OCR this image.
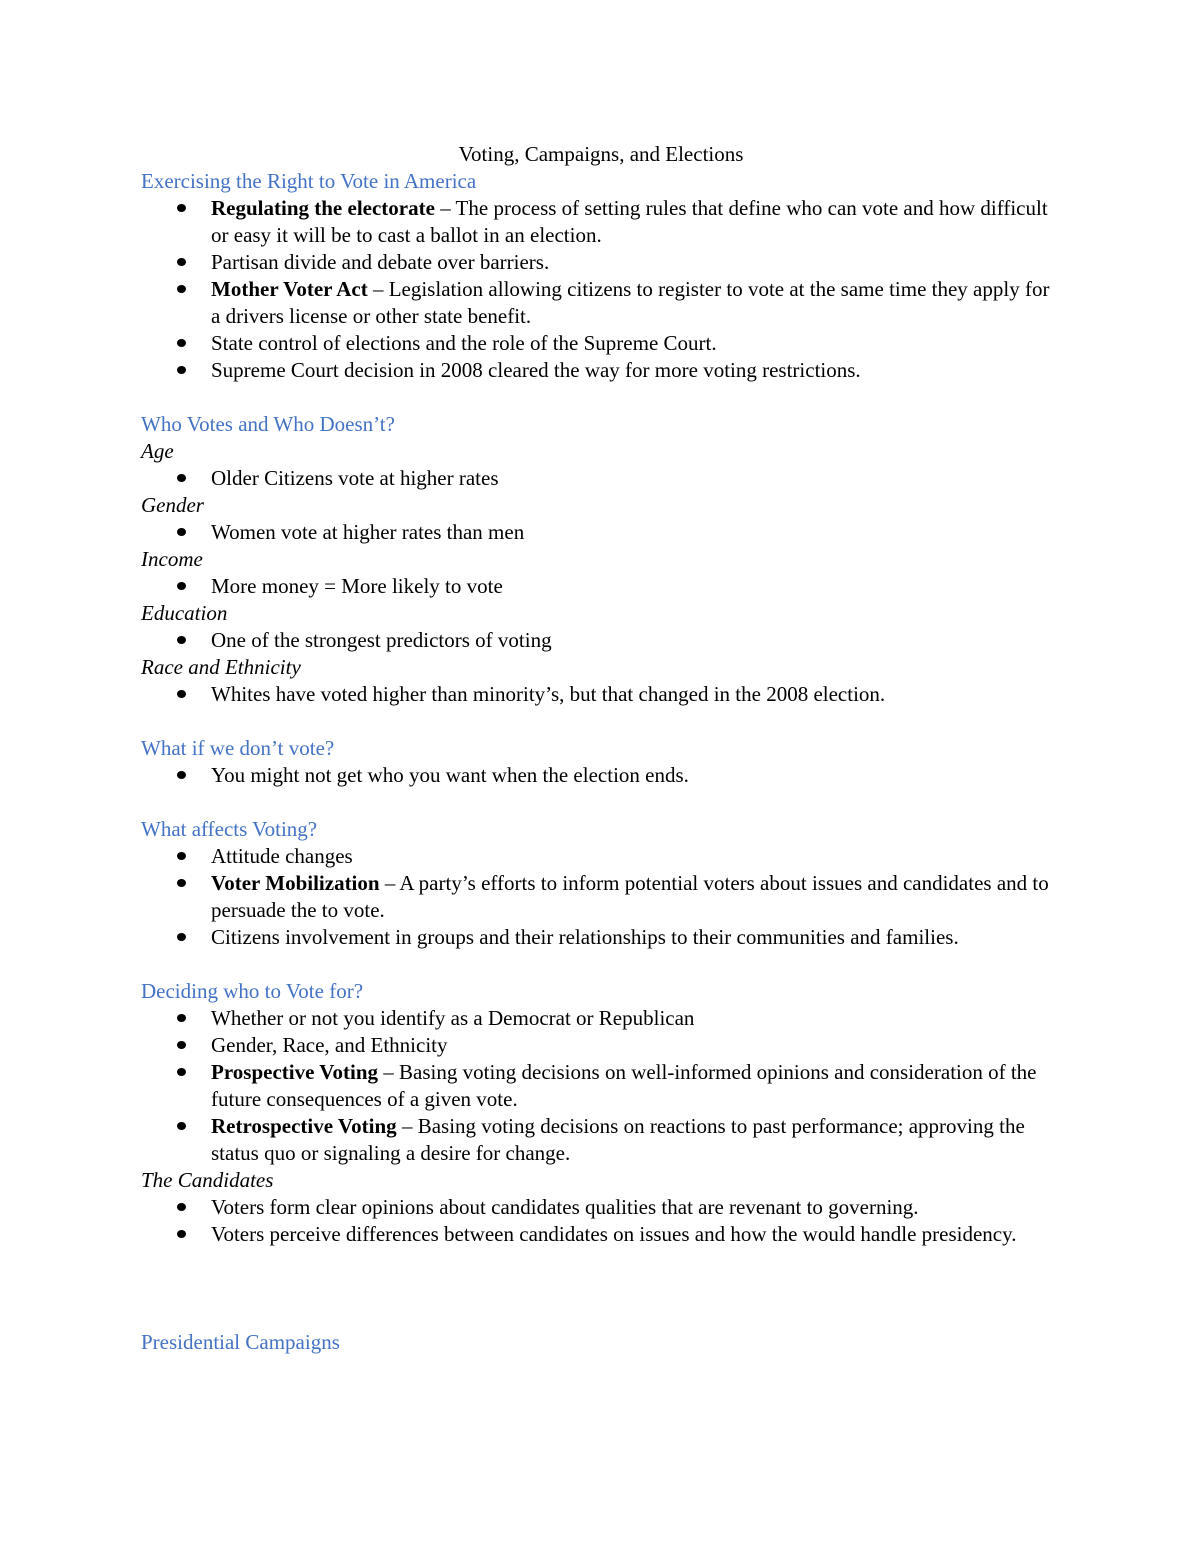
Voting, Campaigns, and Elections

Exercising the Right to Vote in America

Regulating the electorate – The process of setting rules that define who can vote and how difficult or easy it will be to cast a ballot in an election.
Partisan divide and debate over barriers.
Mother Voter Act – Legislation allowing citizens to register to vote at the same time they apply for a drivers license or other state benefit.
State control of elections and the role of the Supreme Court.
Supreme Court decision in 2008 cleared the way for more voting restrictions.

Who Votes and Who Doesn’t?

Age

Older Citizens vote at higher rates

Gender

Women vote at higher rates than men

Income

More money = More likely to vote

Education

One of the strongest predictors of voting

Race and Ethnicity

Whites have voted higher than minority’s, but that changed in the 2008 election.

What if we don’t vote?

You might not get who you want when the election ends.

What affects Voting?

Attitude changes
Voter Mobilization – A party’s efforts to inform potential voters about issues and candidates and to persuade the to vote.
Citizens involvement in groups and their relationships to their communities and families.

Deciding who to Vote for?

Whether or not you identify as a Democrat or Republican
Gender, Race, and Ethnicity
Prospective Voting – Basing voting decisions on well-informed opinions and consideration of the future consequences of a given vote.
Retrospective Voting – Basing voting decisions on reactions to past performance; approving the status quo or signaling a desire for change.

The Candidates

Voters form clear opinions about candidates qualities that are revenant to governing.
Voters perceive differences between candidates on issues and how the would handle presidency.

Presidential Campaigns
